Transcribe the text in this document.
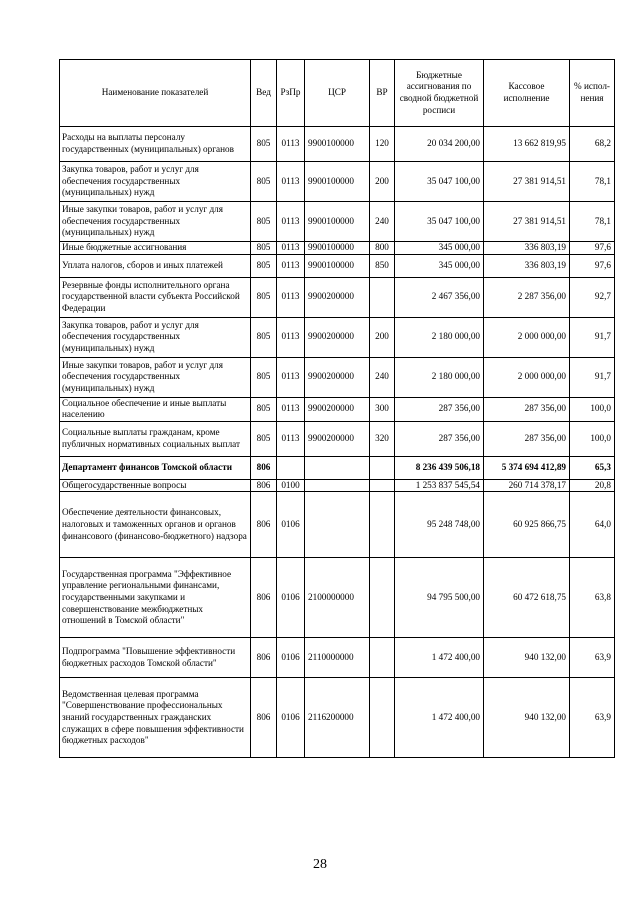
Наименование показателей	Вед	РзПр	ЦСР	ВР	Бюджетные ассигнования по сводной бюджетной росписи	Кассовое исполнение	% испол-нения
Расходы на выплаты персоналу государственных (муниципальных) органов	805	0113	9900100000	120	20 034 200,00	13 662 819,95	68,2
Закупка товаров, работ и услуг для обеспечения государственных (муниципальных) нужд	805	0113	9900100000	200	35 047 100,00	27 381 914,51	78,1
Иные закупки товаров, работ и услуг для обеспечения государственных (муниципальных) нужд	805	0113	9900100000	240	35 047 100,00	27 381 914,51	78,1
Иные бюджетные ассигнования	805	0113	9900100000	800	345 000,00	336 803,19	97,6
Уплата налогов, сборов и иных платежей	805	0113	9900100000	850	345 000,00	336 803,19	97,6
Резервные фонды исполнительного органа государственной власти субъекта Российской Федерации	805	0113	9900200000		2 467 356,00	2 287 356,00	92,7
Закупка товаров, работ и услуг для обеспечения государственных (муниципальных) нужд	805	0113	9900200000	200	2 180 000,00	2 000 000,00	91,7
Иные закупки товаров, работ и услуг для обеспечения государственных (муниципальных) нужд	805	0113	9900200000	240	2 180 000,00	2 000 000,00	91,7
Социальное обеспечение и иные выплаты населению	805	0113	9900200000	300	287 356,00	287 356,00	100,0
Социальные выплаты гражданам, кроме публичных нормативных социальных выплат	805	0113	9900200000	320	287 356,00	287 356,00	100,0
Департамент финансов Томской области	806				8 236 439 506,18	5 374 694 412,89	65,3
Общегосударственные вопросы	806	0100			1 253 837 545,54	260 714 378,17	20,8
Обеспечение деятельности финансовых, налоговых и таможенных органов и органов финансового (финансово-бюджетного) надзора	806	0106			95 248 748,00	60 925 866,75	64,0
Государственная программа "Эффективное управление региональными финансами, государственными закупками и совершенствование межбюджетных отношений в Томской области"	806	0106	2100000000		94 795 500,00	60 472 618,75	63,8
Подпрограмма "Повышение эффективности бюджетных расходов Томской области"	806	0106	2110000000		1 472 400,00	940 132,00	63,9
Ведомственная целевая программа "Совершенствование профессиональных знаний государственных гражданских служащих в сфере повышения эффективности бюджетных расходов"	806	0106	2116200000		1 472 400,00	940 132,00	63,9
28
